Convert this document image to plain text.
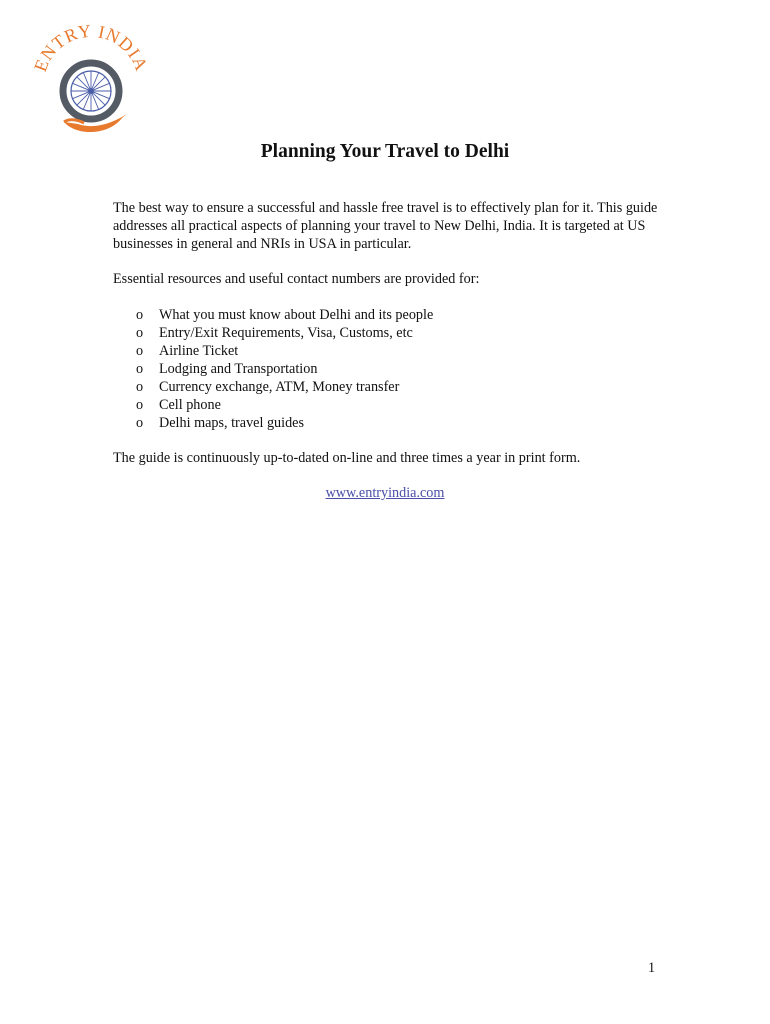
ENTRY INDIA
Planning Your Travel to Delhi

The best way to ensure a successful and hassle free travel is to effectively plan for it. This guide addresses all practical aspects of planning your travel to New Delhi, India. It is targeted at US businesses in general and NRIs in USA in particular.

Essential resources and useful contact numbers are provided for:

o What you must know about Delhi and its people
o Entry/Exit Requirements, Visa, Customs, etc
o Airline Ticket
o Lodging and Transportation
o Currency exchange, ATM, Money transfer
o Cell phone
o Delhi maps, travel guides

The guide is continuously up-to-dated on-line and three times a year in print form.

www.entryindia.com
1
